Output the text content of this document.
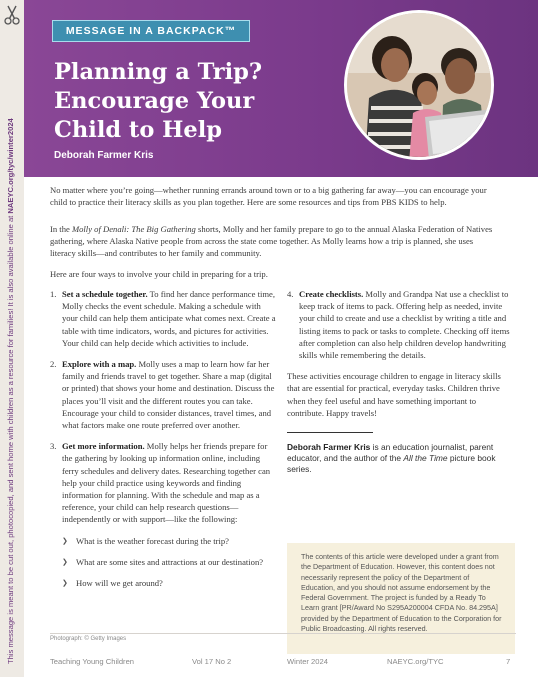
This message is meant to be cut out, photocopied, and sent home with children as a resource for families! It is also available online at NAEYC.org/tyc/winter2024
MESSAGE IN A BACKPACK™
Planning a Trip? Encourage Your Child to Help
Deborah Farmer Kris

No matter where you’re going—whether running errands around town or to a big gathering far away—you can encourage your child to practice their literacy skills as you plan together. Here are some resources and tips from PBS KIDS to help.

In the Molly of Denali: The Big Gathering shorts, Molly and her family prepare to go to the annual Alaska Federation of Natives gathering, where Alaska Native people from across the state come together. As Molly learns how a trip is planned, she uses literacy skills—and contributes to her family and community.

Here are four ways to involve your child in preparing for a trip.

1. Set a schedule together. To find her dance performance time, Molly checks the event schedule. Making a schedule with your child can help them anticipate what comes next. Create a table with time indicators, words, and pictures for activities. Your child can help decide which activities to include.
2. Explore with a map. Molly uses a map to learn how far her family and friends travel to get together. Share a map (digital or printed) that shows your home and destination. Discuss the places you’ll visit and the different routes you can take. Encourage your child to consider distances, travel times, and what factors make one route preferred over another.
3. Get more information. Molly helps her friends prepare for the gathering by looking up information online, including ferry schedules and delivery dates. Researching together can help your child practice using keywords and finding information for planning. With the schedule and map as a reference, your child can help research questions—independently or with support—like the following:
❯ What is the weather forecast during the trip?
❯ What are some sites and attractions at our destination?
❯ How will we get around?
4. Create checklists. Molly and Grandpa Nat use a checklist to keep track of items to pack. Offering help as needed, invite your child to create and use a checklist by writing a title and listing items to pack or tasks to complete. Checking off items after completion can also help children develop handwriting skills while remembering the details.

These activities encourage children to engage in literacy skills that are essential for practical, everyday tasks. Children thrive when they feel useful and have something important to contribute. Happy travels!

Deborah Farmer Kris is an education journalist, parent educator, and the author of the All the Time picture book series.

The contents of this article were developed under a grant from the Department of Education. However, this content does not necessarily represent the policy of the Department of Education, and you should not assume endorsement by the Federal Government. The project is funded by a Ready To Learn grant [PR/Award No S295A200004 CFDA No. 84.295A] provided by the Department of Education to the Corporation for Public Broadcasting. All rights reserved.
Photograph: © Getty Images
Teaching Young Children	Vol 17 No 2	Winter 2024	NAEYC.org/TYC	7
